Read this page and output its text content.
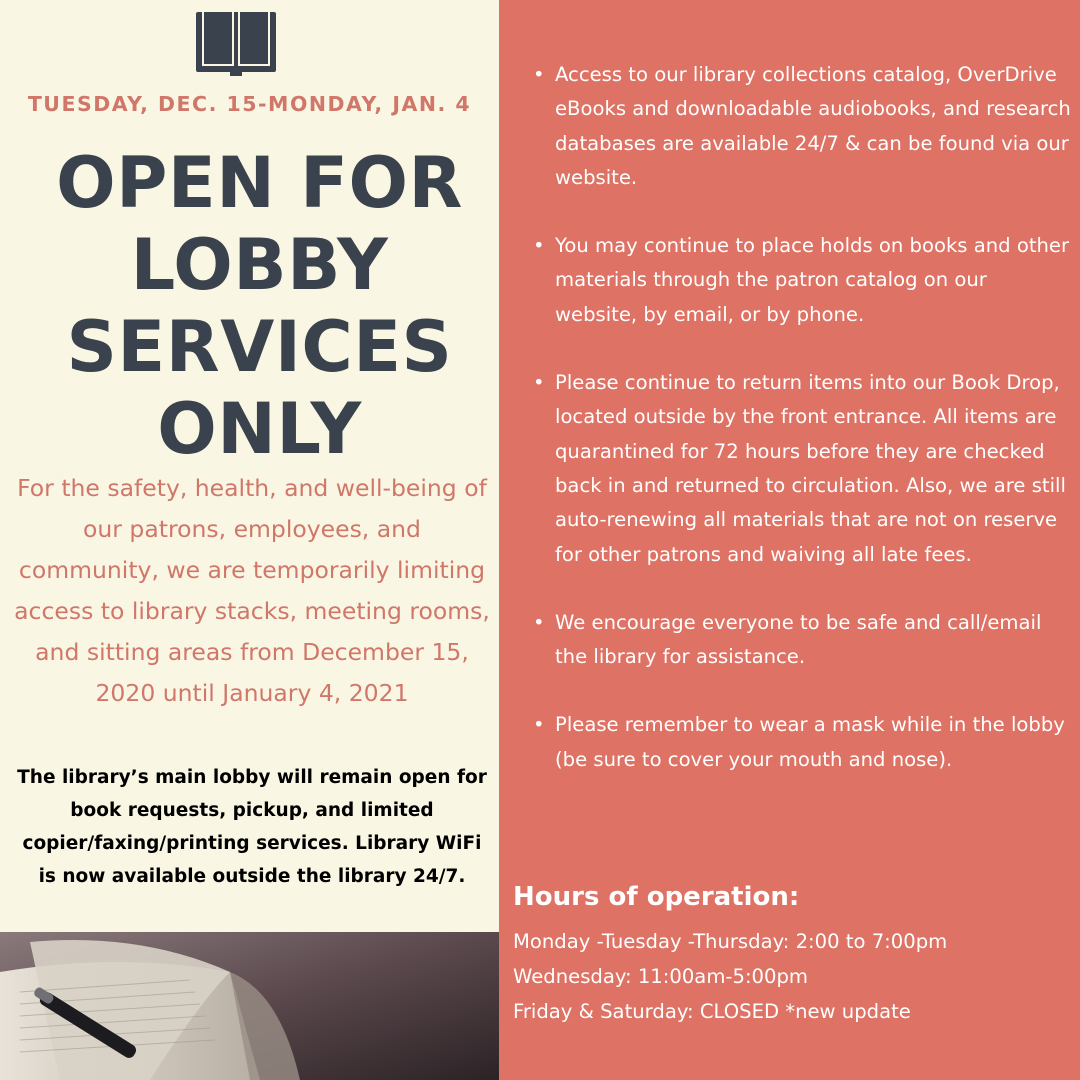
TUESDAY, DEC. 15-MONDAY, JAN. 4
OPEN FOR
LOBBY
SERVICES
ONLY
For the safety, health, and well-being of our patrons, employees, and community, we are temporarily limiting access to library stacks, meeting rooms, and sitting areas from December 15, 2020 until January 4, 2021
The library’s main lobby will remain open for book requests, pickup, and limited copier/faxing/printing services. Library WiFi is now available outside the library 24/7.
• Access to our library collections catalog, OverDrive eBooks and downloadable audiobooks, and research databases are available 24/7 & can be found via our website.
• You may continue to place holds on books and other materials through the patron catalog on our website, by email, or by phone.
• Please continue to return items into our Book Drop, located outside by the front entrance. All items are quarantined for 72 hours before they are checked back in and returned to circulation. Also, we are still auto-renewing all materials that are not on reserve for other patrons and waiving all late fees.
• We encourage everyone to be safe and call/email the library for assistance.
• Please remember to wear a mask while in the lobby (be sure to cover your mouth and nose).
Hours of operation:
Monday -Tuesday -Thursday: 2:00 to 7:00pm
Wednesday: 11:00am-5:00pm
Friday & Saturday: CLOSED *new update
